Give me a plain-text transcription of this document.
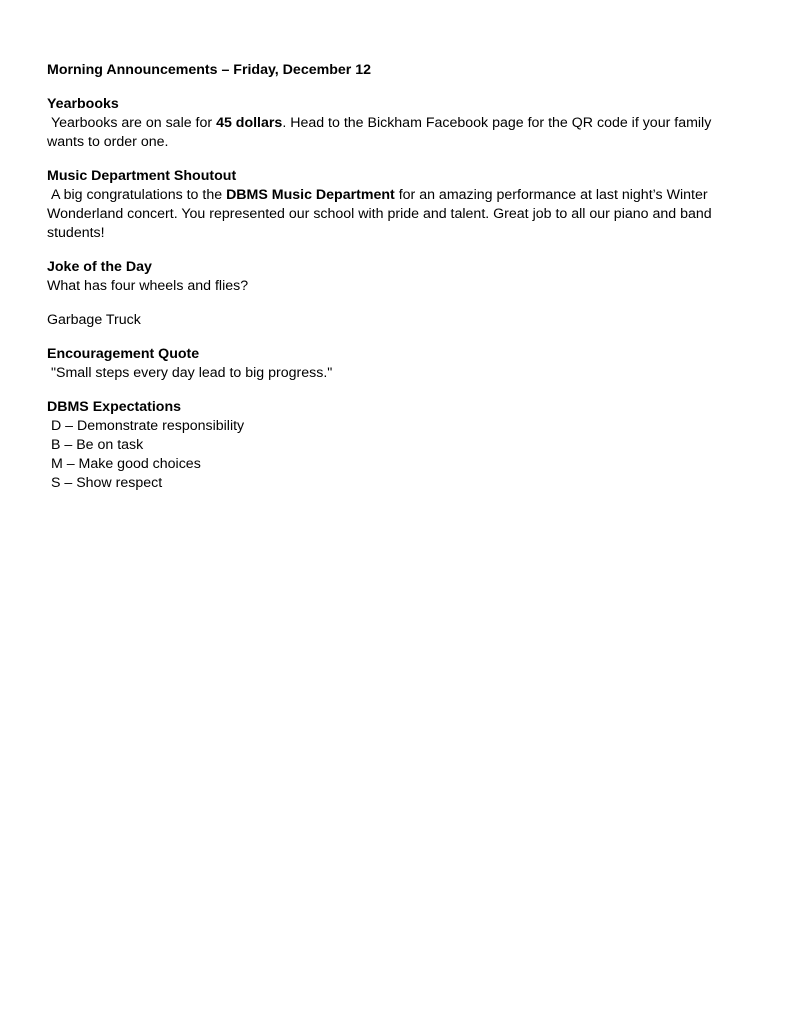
Morning Announcements – Friday, December 12
Yearbooks
Yearbooks are on sale for 45 dollars. Head to the Bickham Facebook page for the QR code if your family wants to order one.
Music Department Shoutout
A big congratulations to the DBMS Music Department for an amazing performance at last night’s Winter Wonderland concert. You represented our school with pride and talent. Great job to all our piano and band students!
Joke of the Day
What has four wheels and flies?
Garbage Truck
Encouragement Quote
"Small steps every day lead to big progress."
DBMS Expectations
D – Demonstrate responsibility
B – Be on task
M – Make good choices
S – Show respect
